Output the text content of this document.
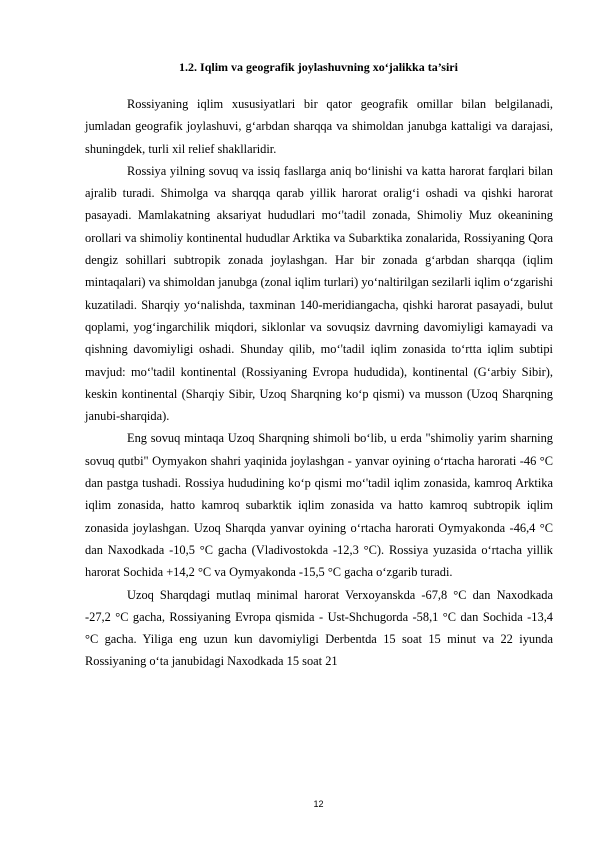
1.2. Iqlim va geografik joylashuvning xo‘jalikka ta’siri

Rossiyaning iqlim xususiyatlari bir qator geografik omillar bilan belgilanadi, jumladan geografik joylashuvi, g‘arbdan sharqqa va shimoldan janubga kattaligi va darajasi, shuningdek, turli xil relief shakllaridir.

Rossiya yilning sovuq va issiq fasllarga aniq bo‘linishi va katta harorat farqlari bilan ajralib turadi. Shimolga va sharqqa qarab yillik harorat oralig‘i oshadi va qishki harorat pasayadi. Mamlakatning aksariyat hududlari mo‘'tadil zonada, Shimoliy Muz okeanining orollari va shimoliy kontinental hududlar Arktika va Subarktika zonalarida, Rossiyaning Qora dengiz sohillari subtropik zonada joylashgan. Har bir zonada g‘arbdan sharqqa (iqlim mintaqalari) va shimoldan janubga (zonal iqlim turlari) yo‘naltirilgan sezilarli iqlim o‘zgarishi kuzatiladi. Sharqiy yo‘nalishda, taxminan 140-meridiangacha, qishki harorat pasayadi, bulut qoplami, yog‘ingarchilik miqdori, siklonlar va sovuqsiz davrning davomiyligi kamayadi va qishning davomiyligi oshadi. Shunday qilib, mo‘'tadil iqlim zonasida to‘rtta iqlim subtipi mavjud: mo‘'tadil kontinental (Rossiyaning Evropa hududida), kontinental (G‘arbiy Sibir), keskin kontinental (Sharqiy Sibir, Uzoq Sharqning ko‘p qismi) va musson (Uzoq Sharqning janubi-sharqida).

Eng sovuq mintaqa Uzoq Sharqning shimoli bo‘lib, u erda "shimoliy yarim sharning sovuq qutbi" Oymyakon shahri yaqinida joylashgan - yanvar oyining o‘rtacha harorati -46 °C dan pastga tushadi. Rossiya hududining ko‘p qismi mo‘'tadil iqlim zonasida, kamroq Arktika iqlim zonasida, hatto kamroq subarktik iqlim zonasida va hatto kamroq subtropik iqlim zonasida joylashgan. Uzoq Sharqda yanvar oyining o‘rtacha harorati Oymyakonda -46,4 °C dan Naxodkada -10,5 °C gacha (Vladivostokda -12,3 °C). Rossiya yuzasida o‘rtacha yillik harorat Sochida +14,2 °C va Oymyakonda -15,5 °C gacha o‘zgarib turadi.

Uzoq Sharqdagi mutlaq minimal harorat Verxoyanskda -67,8 °C dan Naxodkada -27,2 °C gacha, Rossiyaning Evropa qismida - Ust-Shchugorda -58,1 °C dan Sochida -13,4 °C gacha. Yiliga eng uzun kun davomiyligi Derbentda 15 soat 15 minut va 22 iyunda Rossiyaning o‘ta janubidagi Naxodkada 15 soat 21

12
